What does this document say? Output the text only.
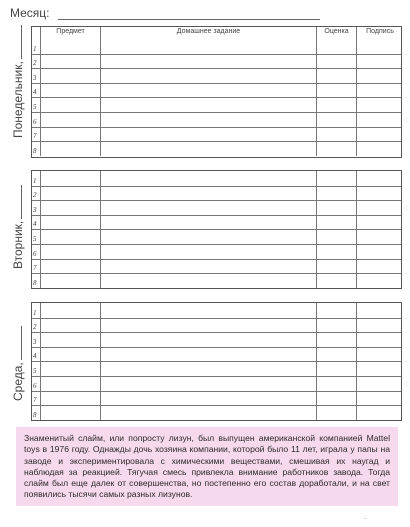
Месяц:
Понедельник,
Предмет	Домашнее задание	Оценка	Подпись
1
2
3
4
5
6
7
8
Вторник,
1
2
3
4
5
6
7
8
Среда,
1
2
3
4
5
6
7
8

Знаменитый слайм, или попросту лизун, был выпущен американской компанией Mattel toys в 1976 году. Однажды дочь хозяина компании, которой было 11 лет, играла у папы на заводе и экспериментировала с химическими веществами, смешивая их наугад и наблюдая за реакцией. Тягучая смесь привлекла внимание работников завода. Тогда слайм был еще далек от совершенства, но постепенно его состав доработали, и на свет появились тысячи самых разных лизунов.

.
